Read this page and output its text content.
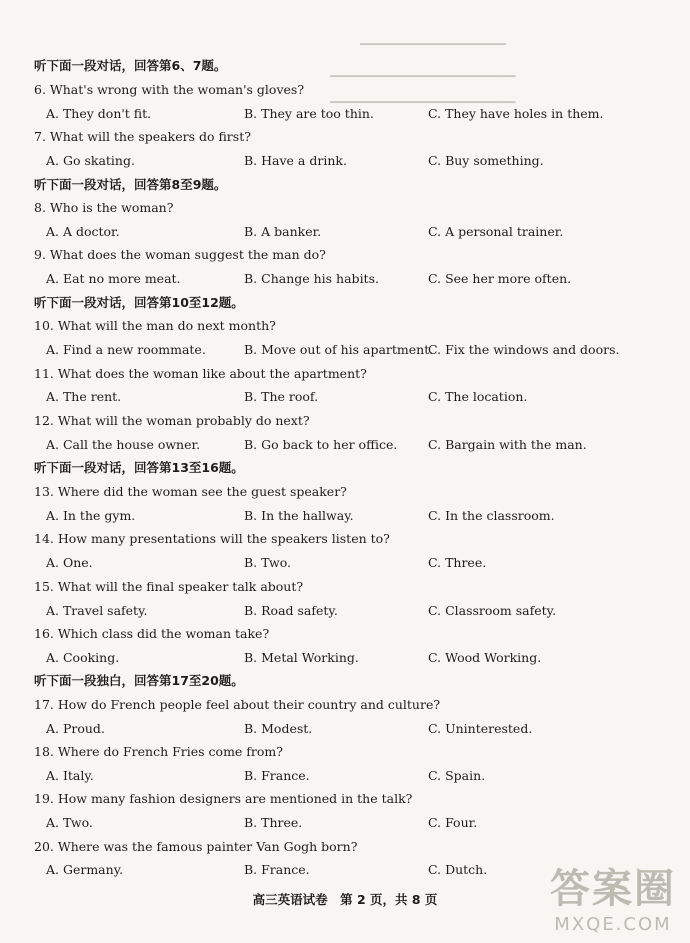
━━━━━━━━━━━━━━━━━━━━━━
━━━━━━━━━━━━━━━━━━━━━━━━━━━━
━━━━━━━━━━━━━━━━━━━━━━━━━━━━
听下面一段对话，回答第6、7题。
6. What's wrong with the woman's gloves?
A. They don't fit.	B. They are too thin.	C. They have holes in them.
7. What will the speakers do first?
A. Go skating.	B. Have a drink.	C. Buy something.
听下面一段对话，回答第8至9题。
8. Who is the woman?
A. A doctor.	B. A banker.	C. A personal trainer.
9. What does the woman suggest the man do?
A. Eat no more meat.	B. Change his habits.	C. See her more often.
听下面一段对话，回答第10至12题。
10. What will the man do next month?
A. Find a new roommate.	B. Move out of his apartment.
C. Fix the windows and doors.
11. What does the woman like about the apartment?
A. The rent.	B. The roof.	C. The location.
12. What will the woman probably do next?
A. Call the house owner.	B. Go back to her office. C. Bargain with the man.
听下面一段对话，回答第13至16题。
13. Where did the woman see the guest speaker?
A. In the gym.	B. In the hallway.	C. In the classroom.
14. How many presentations will the speakers listen to?
A. One.	B. Two.	C. Three.
15. What will the final speaker talk about?
A. Travel safety.	B. Road safety.	C. Classroom safety.
16. Which class did the woman take?
A. Cooking.	B. Metal Working.	C. Wood Working.
听下面一段独白，回答第17至20题。
17. How do French people feel about their country and culture?
A. Proud.	B. Modest.	C. Uninterested.
18. Where do French Fries come from?
A. Italy.	B. France.	C. Spain.
19. How many fashion designers are mentioned in the talk?
A. Two.	B. Three.	C. Four.
20. Where was the famous painter Van Gogh born?
A. Germany.	B. France.	C. Dutch.
高三英语试卷　第 2 页，共 8 页	答案圈
MXQE.COM
